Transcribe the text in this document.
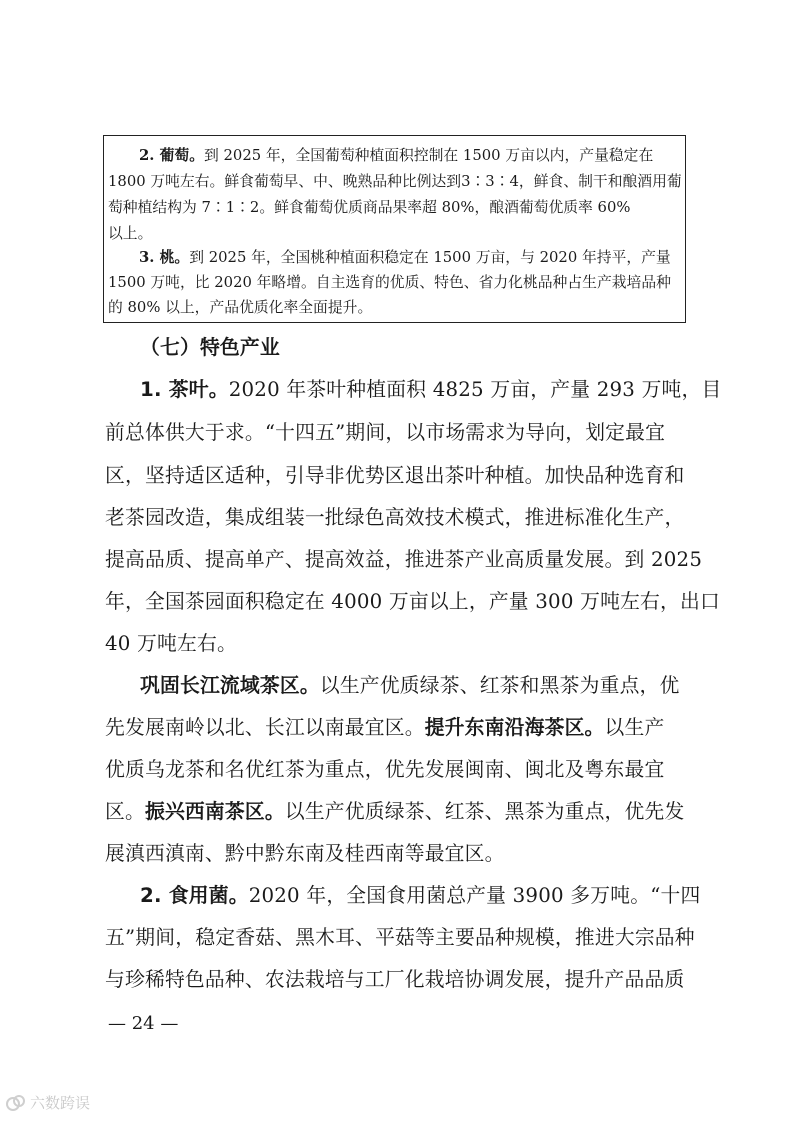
2. 葡萄。到 2025 年，全国葡萄种植面积控制在 1500 万亩以内，产量稳定在
1800 万吨左右。鲜食葡萄早、中、晚熟品种比例达到3∶3∶4，鲜食、制干和酿酒用葡
萄种植结构为 7∶1∶2。鲜食葡萄优质商品果率超 80%，酿酒葡萄优质率 60%
以上。
3. 桃。到 2025 年，全国桃种植面积稳定在 1500 万亩，与 2020 年持平，产量
1500 万吨，比 2020 年略增。自主选育的优质、特色、省力化桃品种占生产栽培品种
的 80% 以上，产品优质化率全面提升。
（七）特色产业
1. 茶叶。2020 年茶叶种植面积 4825 万亩，产量 293 万吨，目
前总体供大于求。“十四五”期间，以市场需求为导向，划定最宜
区，坚持适区适种，引导非优势区退出茶叶种植。加快品种选育和
老茶园改造，集成组装一批绿色高效技术模式，推进标准化生产，
提高品质、提高单产、提高效益，推进茶产业高质量发展。到 2025
年，全国茶园面积稳定在 4000 万亩以上，产量 300 万吨左右，出口
40 万吨左右。
巩固长江流域茶区。以生产优质绿茶、红茶和黑茶为重点，优
先发展南岭以北、长江以南最宜区。提升东南沿海茶区。以生产
优质乌龙茶和名优红茶为重点，优先发展闽南、闽北及粤东最宜
区。振兴西南茶区。以生产优质绿茶、红茶、黑茶为重点，优先发
展滇西滇南、黔中黔东南及桂西南等最宜区。
2. 食用菌。2020 年，全国食用菌总产量 3900 多万吨。“十四
五”期间，稳定香菇、黑木耳、平菇等主要品种规模，推进大宗品种
与珍稀特色品种、农法栽培与工厂化栽培协调发展，提升产品品质
— 24 —
六数跨误
